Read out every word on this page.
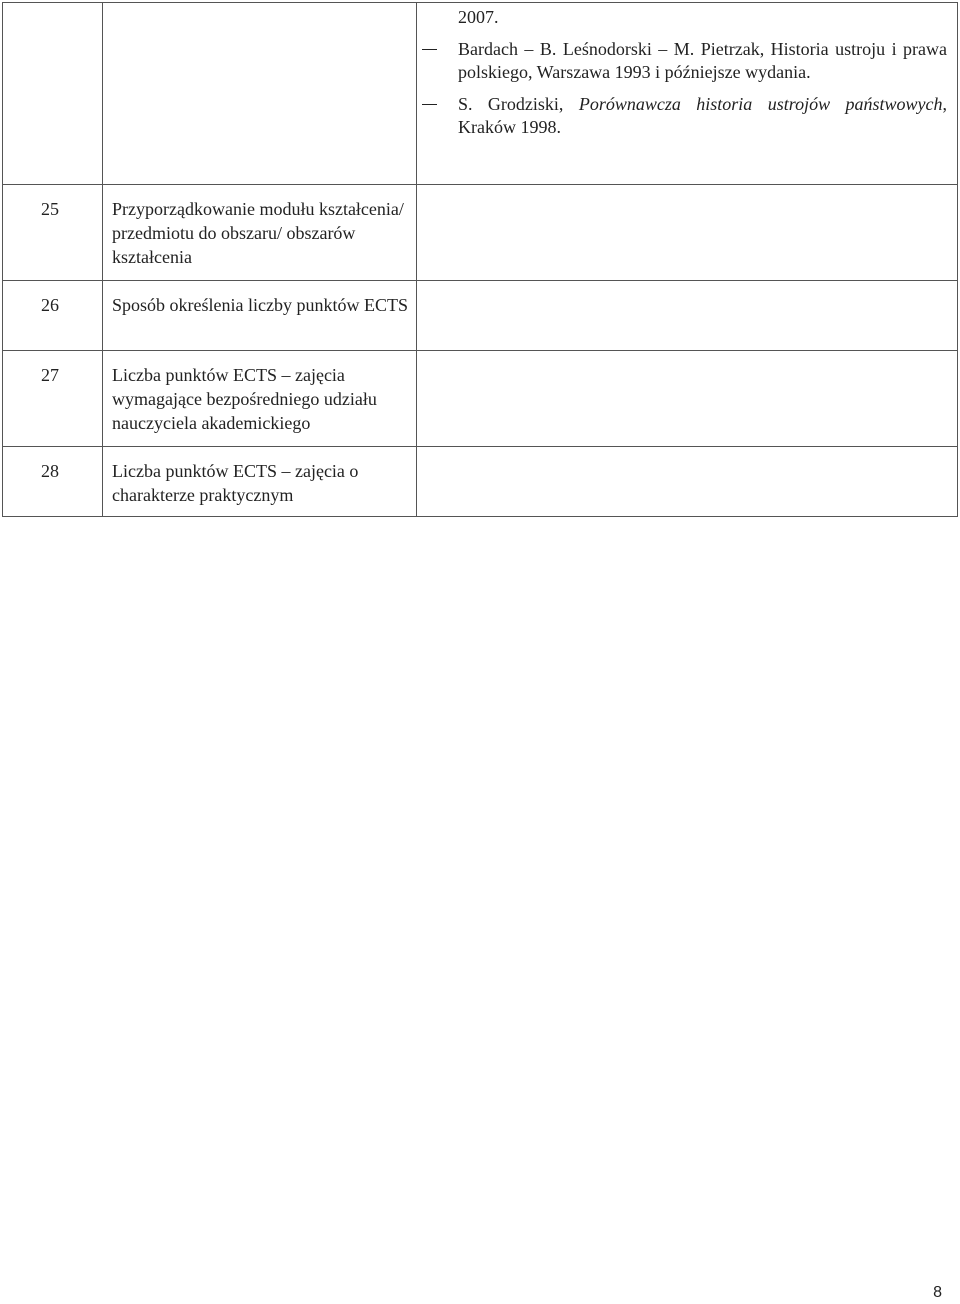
		2007.
Bardach – B. Leśnodorski – M. Pietrzak, Historia ustroju i prawa polskiego, Warszawa 1993 i późniejsze wydania.
S. Grodziski, Porównawcza historia ustrojów państwowych, Kraków 1998.

25	Przyporządkowanie modułu kształcenia/ przedmiotu do obszaru/ obszarów kształcenia	
26	Sposób określenia liczby punktów ECTS	
27	Liczba punktów ECTS – zajęcia wymagające bezpośredniego udziału nauczyciela akademickiego	
28	Liczba punktów ECTS – zajęcia o charakterze praktycznym	
8
